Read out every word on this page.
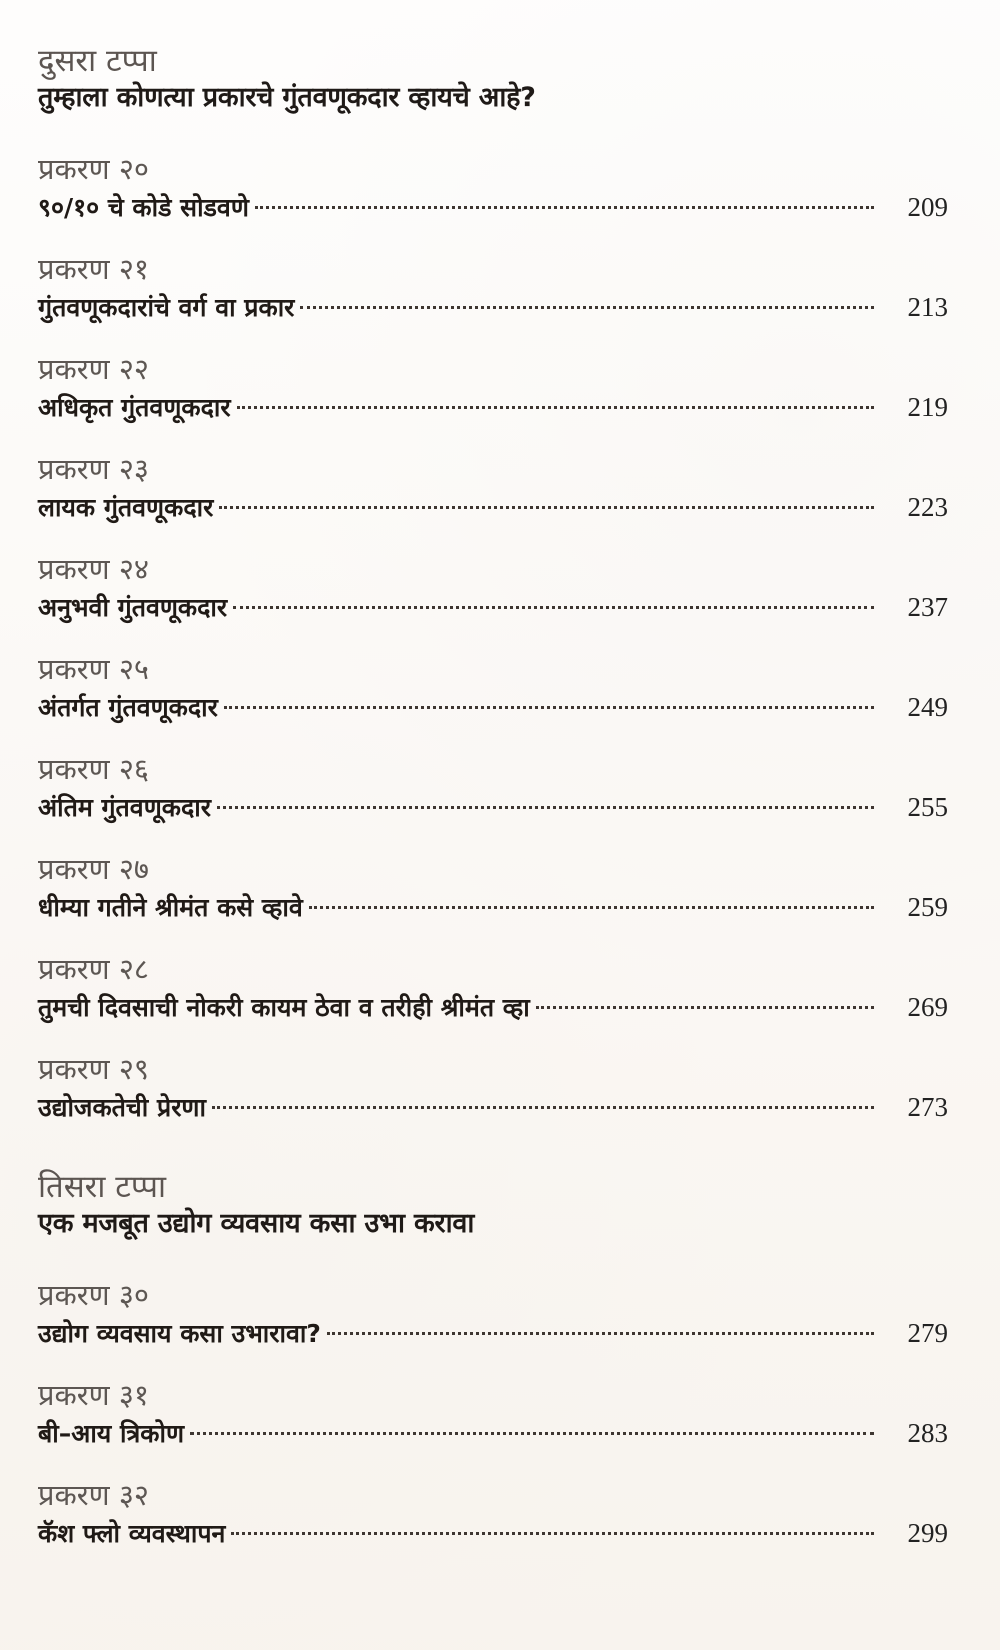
दुसरा टप्पा
तुम्हाला कोणत्या प्रकारचे गुंतवणूकदार व्हायचे आहे?
प्रकरण २०
९०/१० चे कोडे सोडवणे	209
प्रकरण २१
गुंतवणूकदारांचे वर्ग वा प्रकार	213
प्रकरण २२
अधिकृत गुंतवणूकदार	219
प्रकरण २३
लायक गुंतवणूकदार	223
प्रकरण २४
अनुभवी गुंतवणूकदार	237
प्रकरण २५
अंतर्गत गुंतवणूकदार	249
प्रकरण २६
अंतिम गुंतवणूकदार	255
प्रकरण २७
धीम्या गतीने श्रीमंत कसे व्हावे	259
प्रकरण २८
तुमची दिवसाची नोकरी कायम ठेवा व तरीही श्रीमंत व्हा	269
प्रकरण २९
उद्योजकतेची प्रेरणा	273
तिसरा टप्पा
एक मजबूत उद्योग व्यवसाय कसा उभा करावा
प्रकरण ३०
उद्योग व्यवसाय कसा उभारावा?	279
प्रकरण ३१
बी–आय त्रिकोण	283
प्रकरण ३२
कॅश फ्लो व्यवस्थापन	299
